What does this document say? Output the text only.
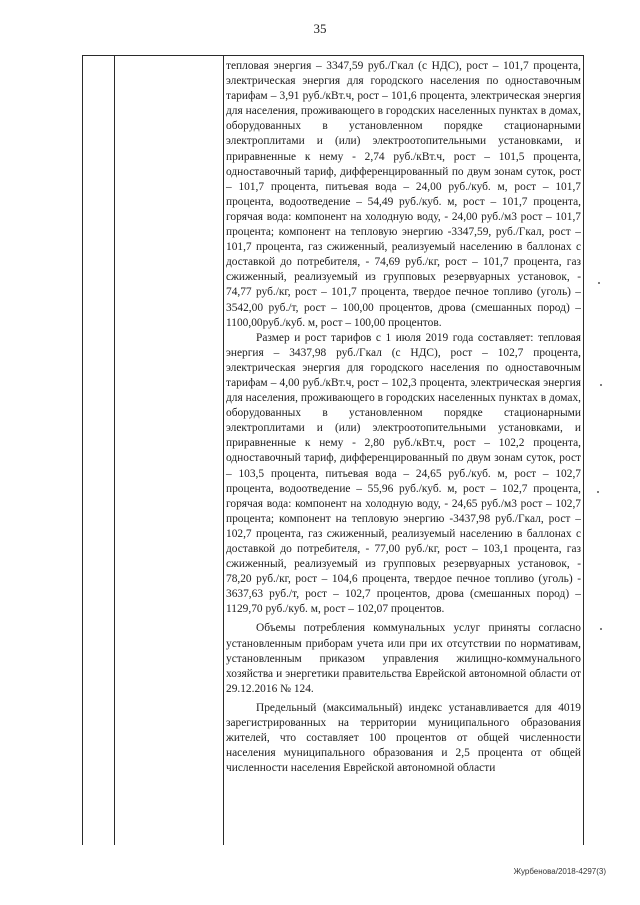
35

тепловая энергия – 3347,59 руб./Гкал (с НДС), рост – 101,7 процента, электрическая энергия для городского населения по одноставочным тарифам – 3,91 руб./кВт.ч, рост – 101,6 процента, электрическая энергия для населения, проживающего в городских населенных пунктах в домах, оборудованных в установленном порядке стационарными электроплитами и (или) электроотопительными установками, и приравненные к нему - 2,74 руб./кВт.ч, рост – 101,5 процента, одноставочный тариф, дифференцированный по двум зонам суток, рост – 101,7 процента, питьевая вода – 24,00 руб./куб. м, рост – 101,7 процента, водоотведение – 54,49 руб./куб. м, рост – 101,7 процента, горячая вода: компонент на холодную воду, - 24,00 руб./м3 рост – 101,7 процента; компонент на тепловую энергию -3347,59, руб./Гкал, рост – 101,7 процента, газ сжиженный, реализуемый населению в баллонах с доставкой до потребителя, - 74,69 руб./кг, рост – 101,7 процента, газ сжиженный, реализуемый из групповых резервуарных установок, - 74,77 руб./кг, рост – 101,7 процента, твердое печное топливо (уголь) – 3542,00 руб./т, рост – 100,00 процентов, дрова (смешанных пород) – 1100,00руб./куб. м, рост – 100,00 процентов.

Размер и рост тарифов с 1 июля 2019 года составляет: тепловая энергия – 3437,98 руб./Гкал (с НДС), рост – 102,7 процента, электрическая энергия для городского населения по одноставочным тарифам – 4,00 руб./кВт.ч, рост – 102,3 процента, электрическая энергия для населения, проживающего в городских населенных пунктах в домах, оборудованных в установленном порядке стационарными электроплитами и (или) электроотопительными установками, и приравненные к нему - 2,80 руб./кВт.ч, рост – 102,2 процента, одноставочный тариф, дифференцированный по двум зонам суток, рост – 103,5 процента, питьевая вода – 24,65 руб./куб. м, рост – 102,7 процента, водоотведение – 55,96 руб./куб. м, рост – 102,7 процента, горячая вода: компонент на холодную воду, - 24,65 руб./м3 рост – 102,7 процента; компонент на тепловую энергию -3437,98 руб./Гкал, рост – 102,7 процента, газ сжиженный, реализуемый населению в баллонах с доставкой до потребителя, - 77,00 руб./кг, рост – 103,1 процента, газ сжиженный, реализуемый из групповых резервуарных установок, - 78,20 руб./кг, рост – 104,6 процента, твердое печное топливо (уголь) - 3637,63 руб./т, рост – 102,7 процентов, дрова (смешанных пород) – 1129,70 руб./куб. м, рост – 102,07 процентов.

Объемы потребления коммунальных услуг приняты согласно установленным приборам учета или при их отсутствии по нормативам, установленным приказом управления жилищно-коммунального хозяйства и энергетики правительства Еврейской автономной области от 29.12.2016 № 124.

Предельный (максимальный) индекс устанавливается для 4019 зарегистрированных на территории муниципального образования жителей, что составляет 100 процентов от общей численности населения муниципального образования и 2,5 процента от общей численности населения Еврейской автономной области

Журбенова/2018-4297(3)
